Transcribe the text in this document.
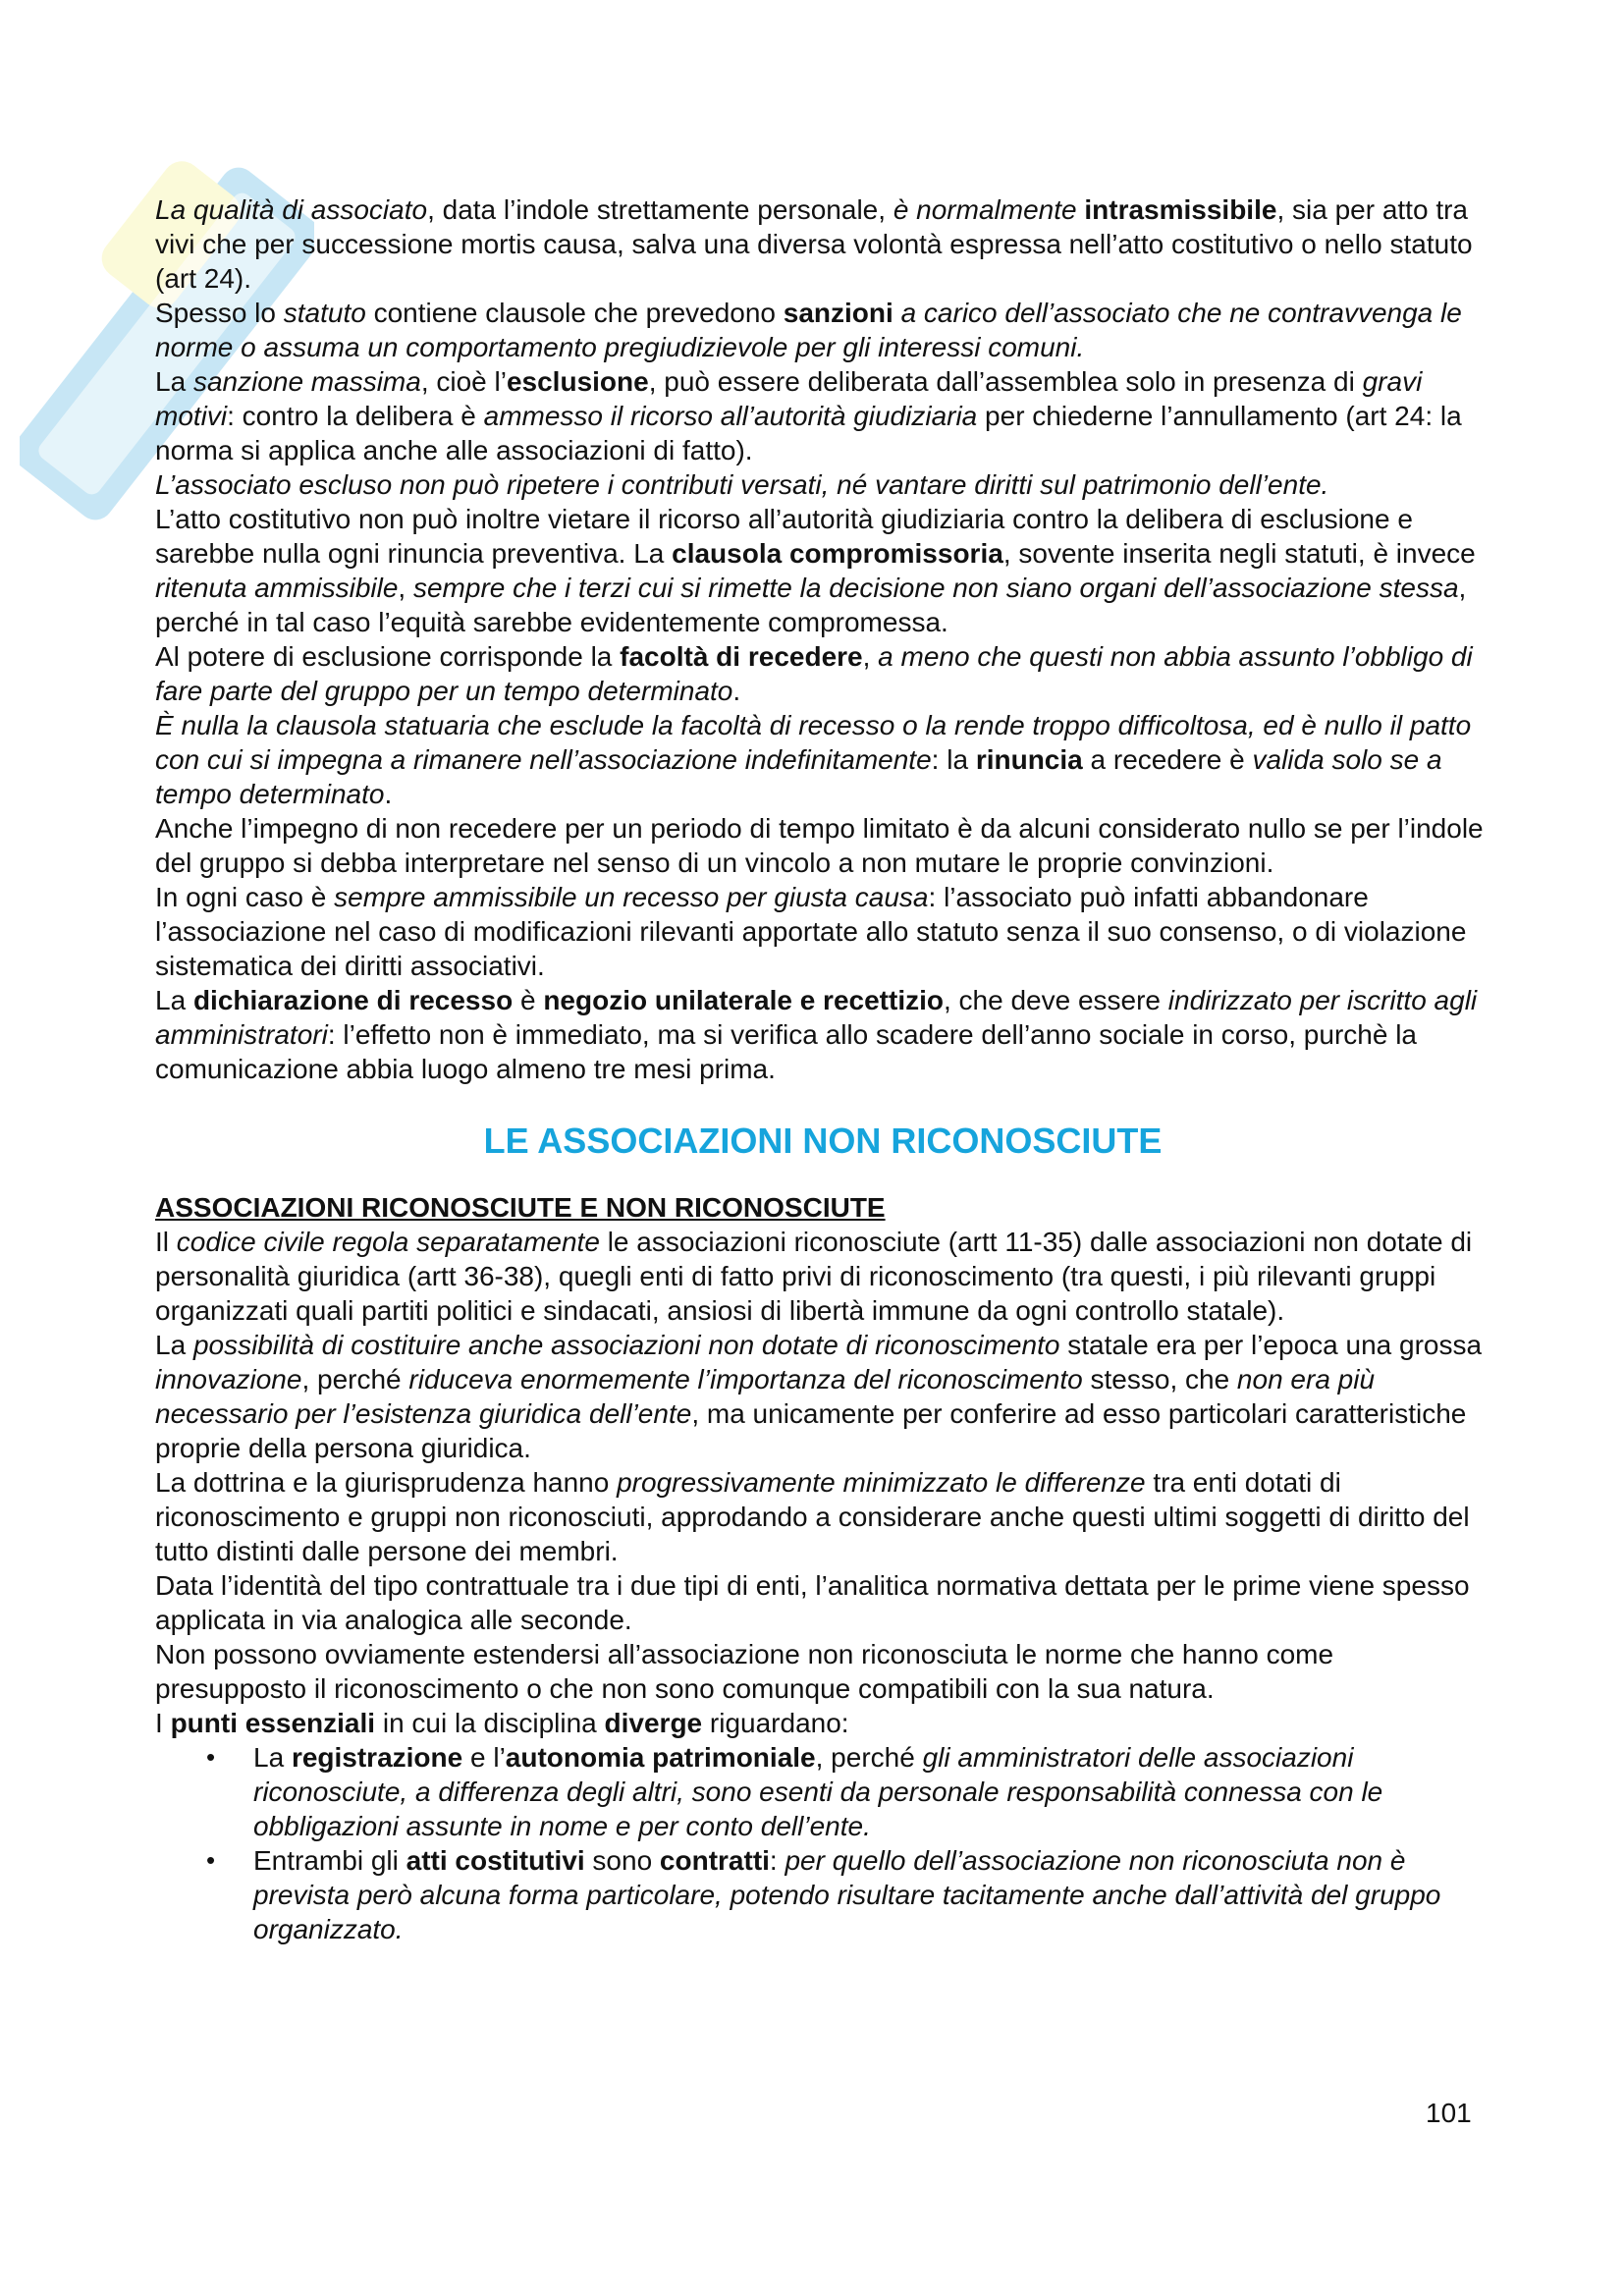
La qualità di associato, data l’indole strettamente personale, è normalmente intrasmissibile, sia per atto tra vivi che per successione mortis causa, salva una diversa volontà espressa nell’atto costitutivo o nello statuto (art 24).

Spesso lo statuto contiene clausole che prevedono sanzioni a carico dell’associato che ne contravvenga le norme o assuma un comportamento pregiudizievole per gli interessi comuni.

La sanzione massima, cioè l’esclusione, può essere deliberata dall’assemblea solo in presenza di gravi motivi: contro la delibera è ammesso il ricorso all’autorità giudiziaria per chiederne l’annullamento (art 24: la norma si applica anche alle associazioni di fatto).

L’associato escluso non può ripetere i contributi versati, né vantare diritti sul patrimonio dell’ente.

L’atto costitutivo non può inoltre vietare il ricorso all’autorità giudiziaria contro la delibera di esclusione e sarebbe nulla ogni rinuncia preventiva. La clausola compromissoria, sovente inserita negli statuti, è invece ritenuta ammissibile, sempre che i terzi cui si rimette la decisione non siano organi dell’associazione stessa, perché in tal caso l’equità sarebbe evidentemente compromessa.

Al potere di esclusione corrisponde la facoltà di recedere, a meno che questi non abbia assunto l’obbligo di fare parte del gruppo per un tempo determinato.

È nulla la clausola statuaria che esclude la facoltà di recesso o la rende troppo difficoltosa, ed è nullo il patto con cui si impegna a rimanere nell’associazione indefinitamente: la rinuncia a recedere è valida solo se a tempo determinato.

Anche l’impegno di non recedere per un periodo di tempo limitato è da alcuni considerato nullo se per l’indole del gruppo si debba interpretare nel senso di un vincolo a non mutare le proprie convinzioni.

In ogni caso è sempre ammissibile un recesso per giusta causa: l’associato può infatti abbandonare l’associazione nel caso di modificazioni rilevanti apportate allo statuto senza il suo consenso, o di violazione sistematica dei diritti associativi.

La dichiarazione di recesso è negozio unilaterale e recettizio, che deve essere indirizzato per iscritto agli amministratori: l’effetto non è immediato, ma si verifica allo scadere dell’anno sociale in corso, purchè la comunicazione abbia luogo almeno tre mesi prima.

LE ASSOCIAZIONI NON RICONOSCIUTE

ASSOCIAZIONI RICONOSCIUTE E NON RICONOSCIUTE

Il codice civile regola separatamente le associazioni riconosciute (artt 11-35) dalle associazioni non dotate di personalità giuridica (artt 36-38), quegli enti di fatto privi di riconoscimento (tra questi, i più rilevanti gruppi organizzati quali partiti politici e sindacati, ansiosi di libertà immune da ogni controllo statale).

La possibilità di costituire anche associazioni non dotate di riconoscimento statale era per l’epoca una grossa innovazione, perché riduceva enormemente l’importanza del riconoscimento stesso, che non era più necessario per l’esistenza giuridica dell’ente, ma unicamente per conferire ad esso particolari caratteristiche proprie della persona giuridica.

La dottrina e la giurisprudenza hanno progressivamente minimizzato le differenze tra enti dotati di riconoscimento e gruppi non riconosciuti, approdando a considerare anche questi ultimi soggetti di diritto del tutto distinti dalle persone dei membri.

Data l’identità del tipo contrattuale tra i due tipi di enti, l’analitica normativa dettata per le prime viene spesso applicata in via analogica alle seconde.

Non possono ovviamente estendersi all’associazione non riconosciuta le norme che hanno come presupposto il riconoscimento o che non sono comunque compatibili con la sua natura.

I punti essenziali in cui la disciplina diverge riguardano:

• La registrazione e l’autonomia patrimoniale, perché gli amministratori delle associazioni riconosciute, a differenza degli altri, sono esenti da personale responsabilità connessa con le obbligazioni assunte in nome e per conto dell’ente.
• Entrambi gli atti costitutivi sono contratti: per quello dell’associazione non riconosciuta non è prevista però alcuna forma particolare, potendo risultare tacitamente anche dall’attività del gruppo organizzato.
101
